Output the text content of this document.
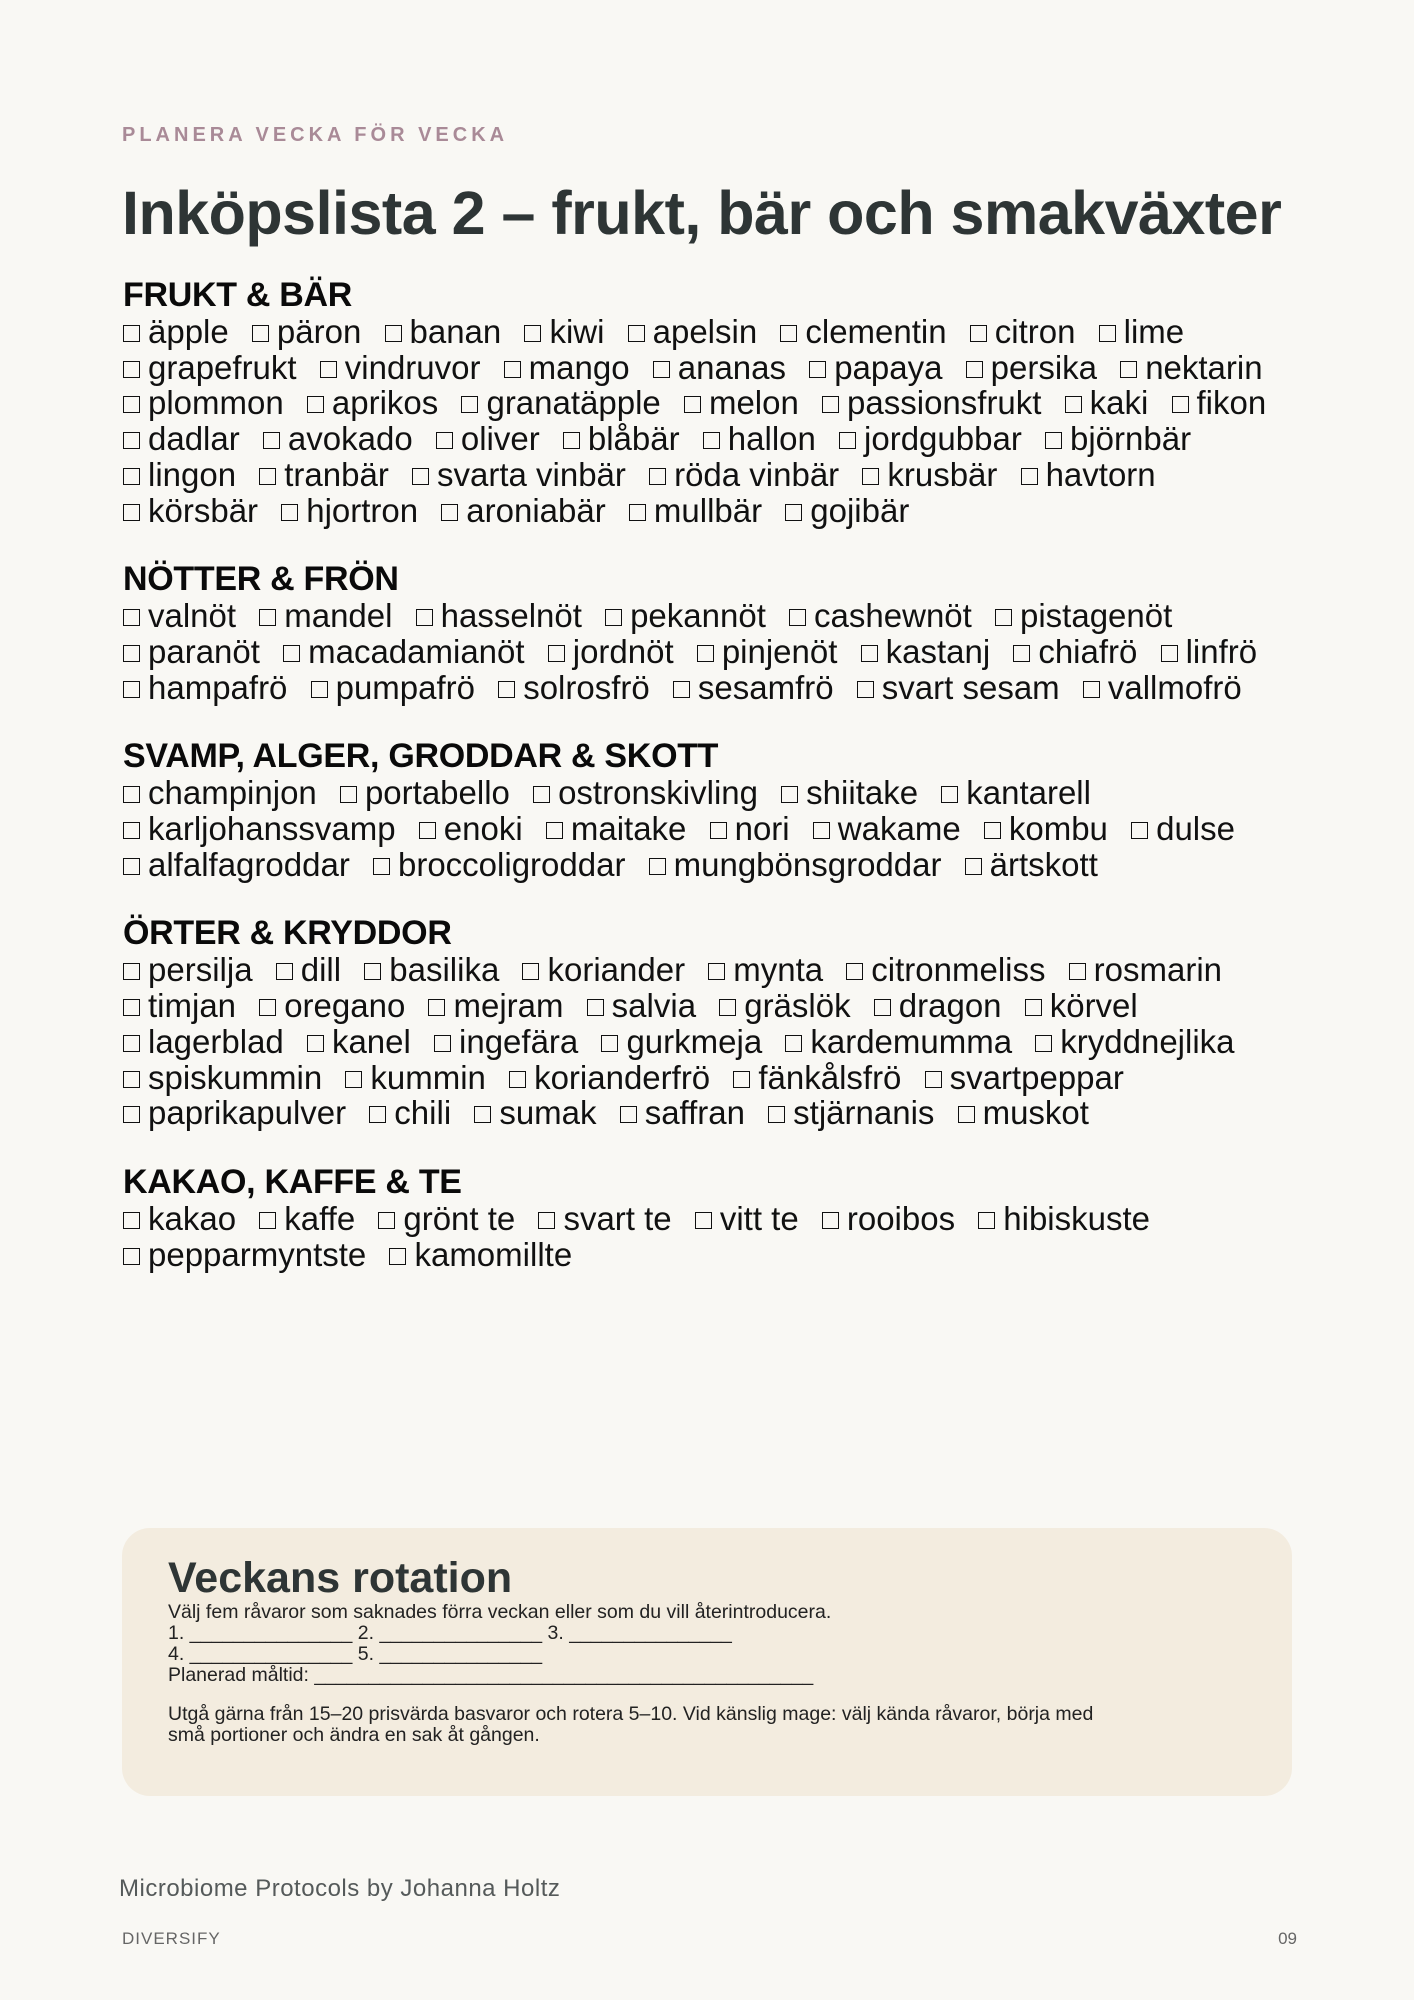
PLANERA VECKA FÖR VECKA
Inköpslista 2 – frukt, bär och smakväxter
FRUKT & BÄR

äpple päron banan kiwi apelsin clementin citron lime grapefrukt vindruvor mango ananas papaya persika nektarin plommon aprikos granatäpple melon passionsfrukt kaki fikon dadlar avokado oliver blåbär hallon jordgubbar björnbär lingon tranbär svarta vinbär röda vinbär krusbär havtorn körsbär hjortron aroniabär mullbär gojibär

NÖTTER & FRÖN

valnöt mandel hasselnöt pekannöt cashewnöt pistagenöt paranöt macadamianöt jordnöt pinjenöt kastanj chiafrö linfrö hampafrö pumpafrö solrosfrö sesamfrö svart sesam vallmofrö

SVAMP, ALGER, GRODDAR & SKOTT

champinjon portabello ostronskivling shiitake kantarell karljohanssvamp enoki maitake nori wakame kombu dulse alfalfagroddar broccoligroddar mungbönsgroddar ärtskott

ÖRTER & KRYDDOR

persilja dill basilika koriander mynta citronmeliss rosmarin timjan oregano mejram salvia gräslök dragon körvel lagerblad kanel ingefära gurkmeja kardemumma kryddnejlika spiskummin kummin korianderfrö fänkålsfrö svartpeppar paprikapulver chili sumak saffran stjärnanis muskot

KAKAO, KAFFE & TE

kakao kaffe grönt te svart te vitt te rooibos hibiskuste pepparmyntste kamomillte

Veckans rotation

Välj fem råvaror som saknades förra veckan eller som du vill återintroducera.

1. _______________ 2. _______________ 3. _______________

4. _______________ 5. _______________

Planerad måltid: ______________________________________________

Utgå gärna från 15–20 prisvärda basvaror och rotera 5–10. Vid känslig mage: välj kända råvaror, börja med

små portioner och ändra en sak åt gången.

Microbiome Protocols by Johanna Holtz
DIVERSIFY	09
